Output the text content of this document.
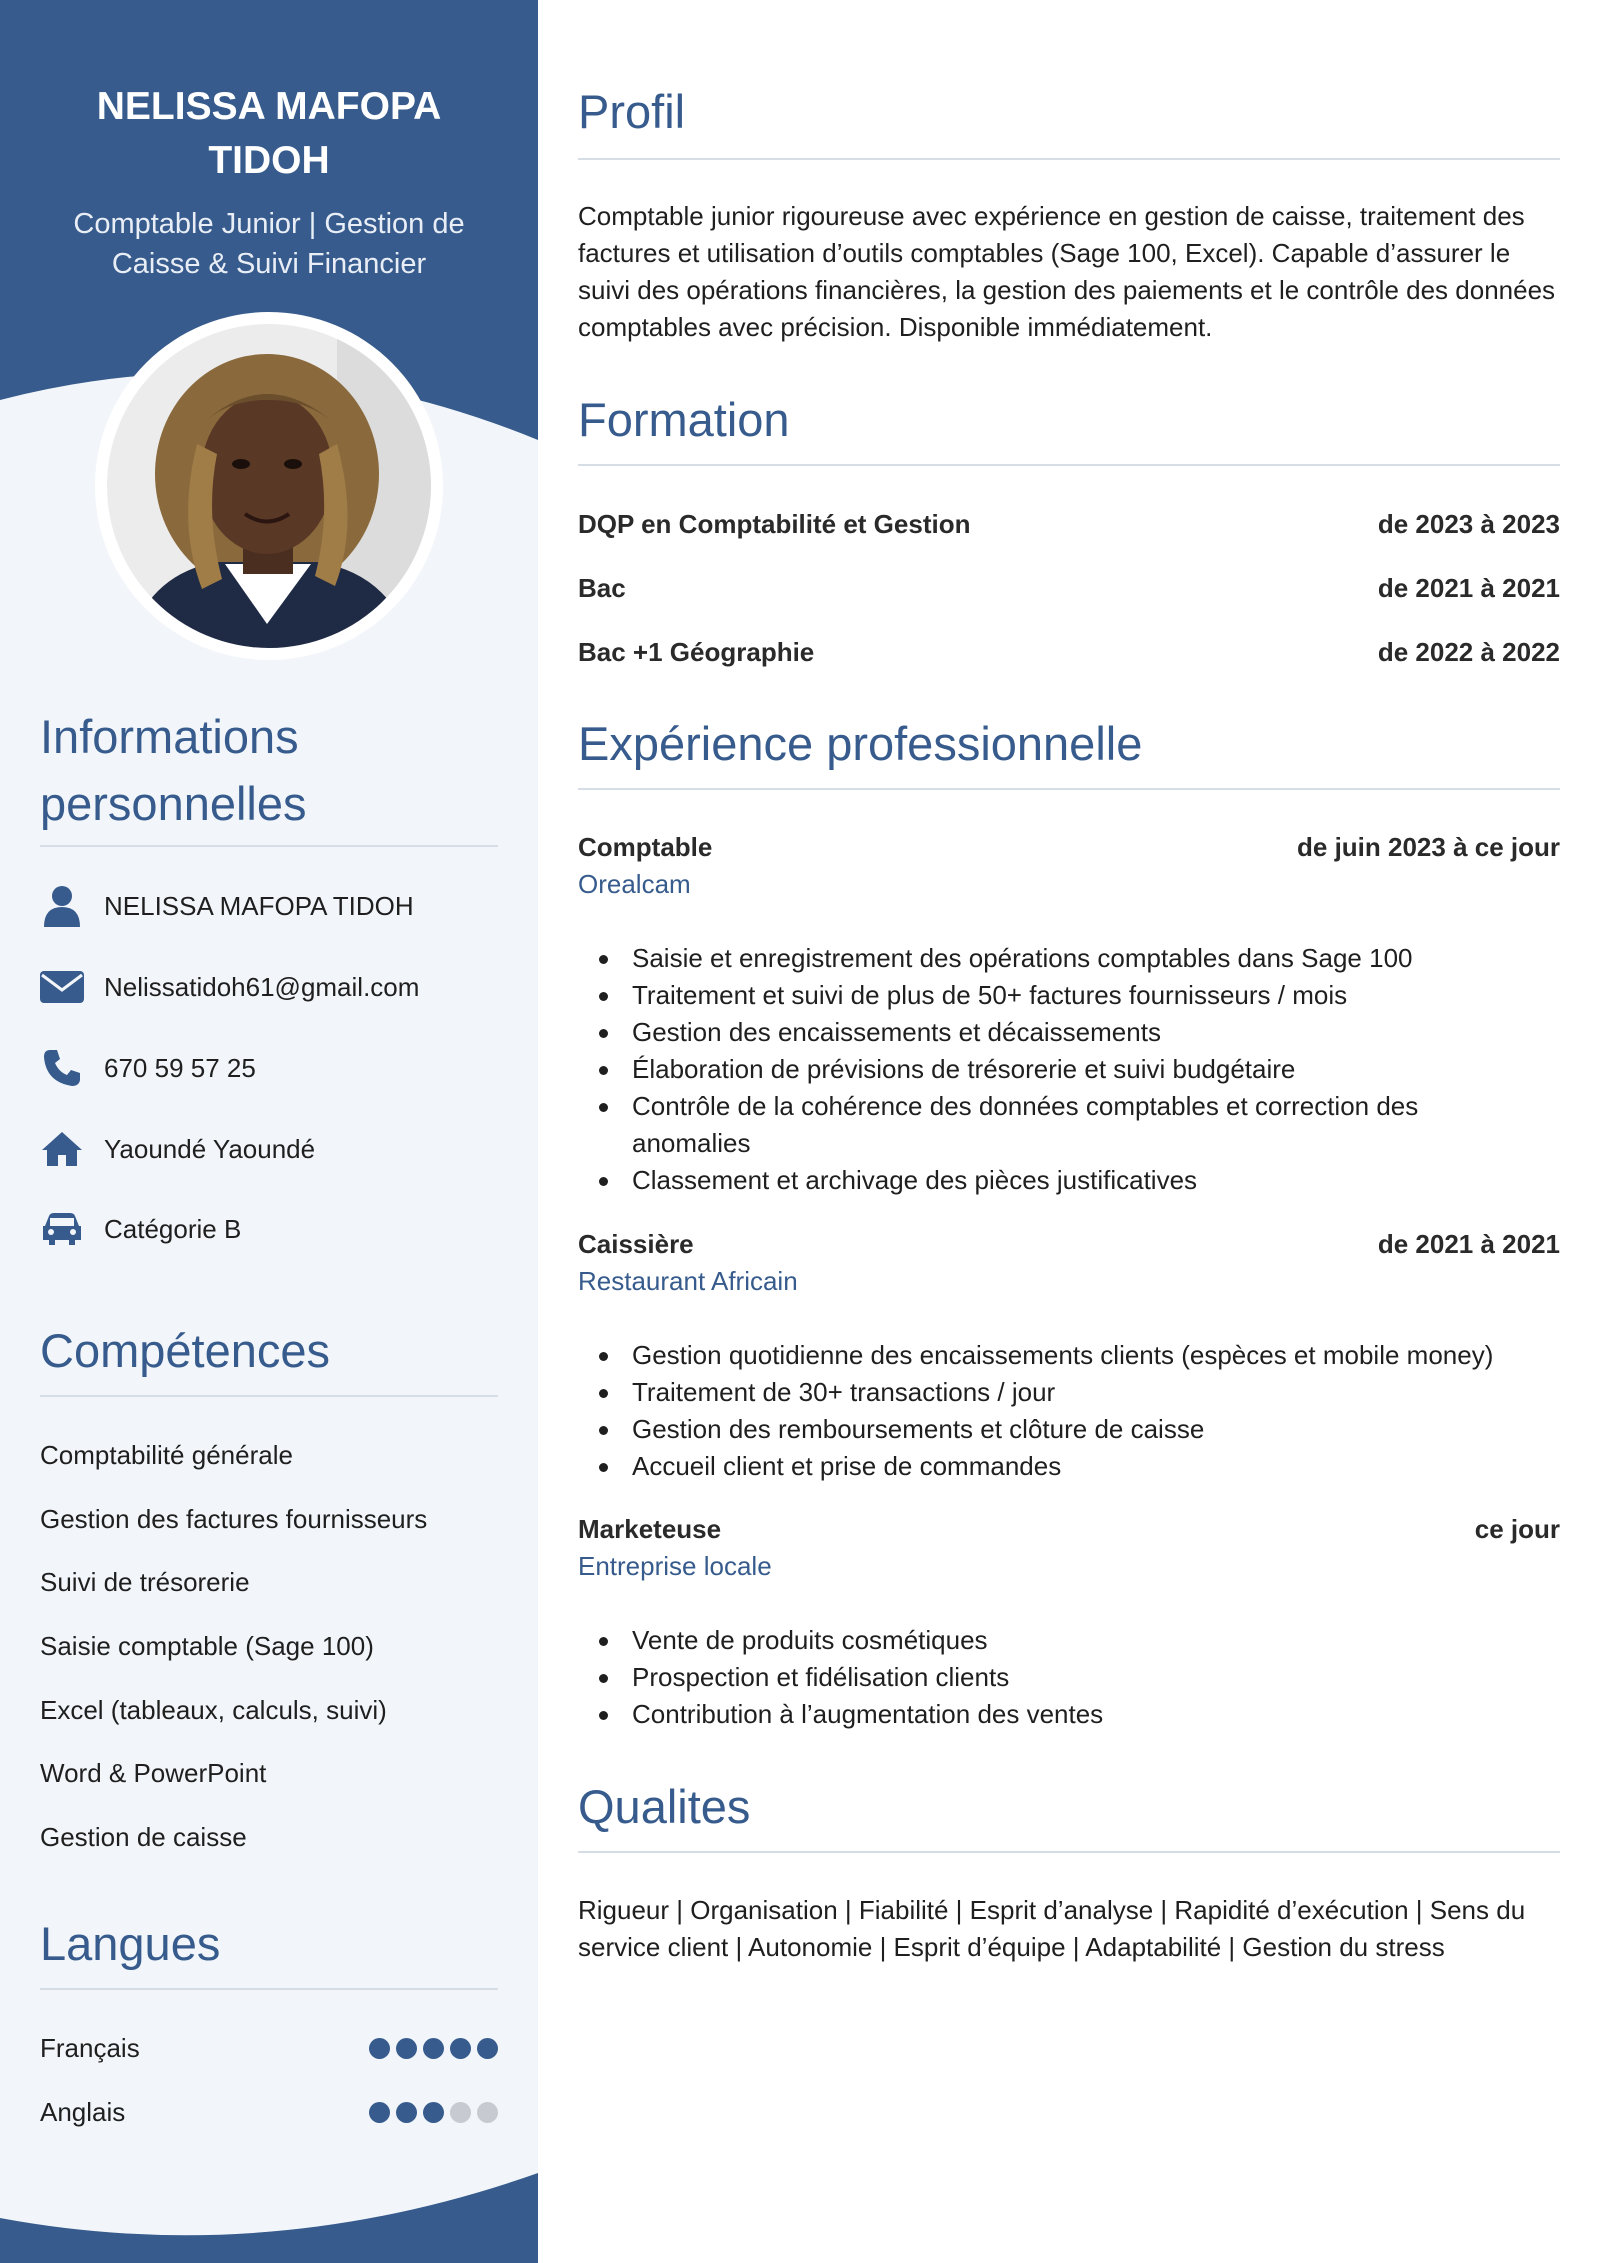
NELISSA MAFOPA
TIDOH
Comptable Junior | Gestion de
Caisse & Suivi Financier
Informations
personnelles
NELISSA MAFOPA TIDOH
Nelissatidoh61@gmail.com
670 59 57 25
Yaoundé Yaoundé
Catégorie B
Compétences
Comptabilité générale
Gestion des factures fournisseurs
Suivi de trésorerie
Saisie comptable (Sage 100)
Excel (tableaux, calculs, suivi)
Word & PowerPoint
Gestion de caisse
Langues
Français
Anglais
Profil

Comptable junior rigoureuse avec expérience en gestion de caisse, traitement des factures et utilisation d’outils comptables (Sage 100, Excel). Capable d’assurer le suivi des opérations financières, la gestion des paiements et le contrôle des données comptables avec précision. Disponible immédiatement.

Formation
DQP en Comptabilité et Gestion	de 2023 à 2023
Bac	de 2021 à 2021
Bac +1 Géographie	de 2022 à 2022
Expérience professionnelle
Comptable	de juin 2023 à ce jour
Orealcam
Saisie et enregistrement des opérations comptables dans Sage 100
Traitement et suivi de plus de 50+ factures fournisseurs / mois
Gestion des encaissements et décaissements
Élaboration de prévisions de trésorerie et suivi budgétaire
Contrôle de la cohérence des données comptables et correction des anomalies
Classement et archivage des pièces justificatives
Caissière	de 2021 à 2021
Restaurant Africain
Gestion quotidienne des encaissements clients (espèces et mobile money)
Traitement de 30+ transactions / jour
Gestion des remboursements et clôture de caisse
Accueil client et prise de commandes
Marketeuse	ce jour
Entreprise locale
Vente de produits cosmétiques
Prospection et fidélisation clients
Contribution à l’augmentation des ventes
Qualites

Rigueur | Organisation | Fiabilité | Esprit d’analyse | Rapidité d’exécution | Sens du service client | Autonomie | Esprit d’équipe | Adaptabilité | Gestion du stress
